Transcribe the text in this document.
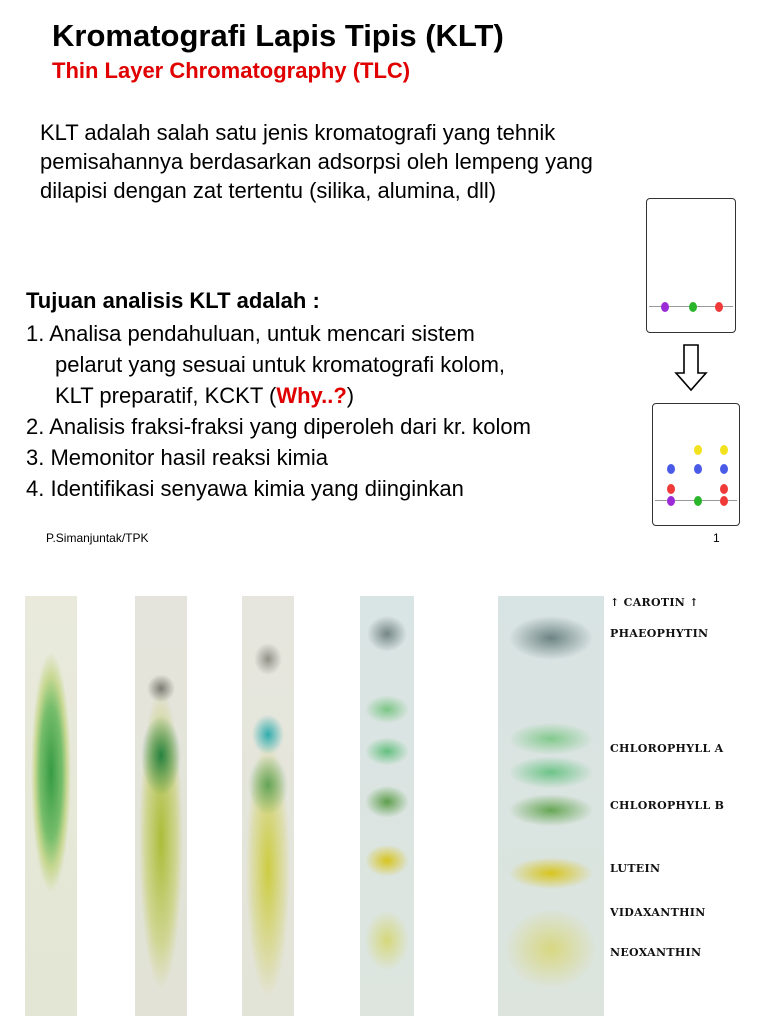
Kromatografi Lapis Tipis (KLT)
Thin Layer Chromatography (TLC)
KLT adalah salah satu jenis kromatografi yang tehnik
pemisahannya berdasarkan adsorpsi oleh lempeng yang
dilapisi dengan zat tertentu (silika, alumina, dll)
Tujuan analisis KLT adalah :
1. Analisa pendahuluan, untuk mencari sistem
pelarut yang sesuai untuk kromatografi kolom,
KLT preparatif, KCKT (Why..?)
2. Analisis fraksi-fraksi yang diperoleh dari kr. kolom
3. Memonitor hasil reaksi kimia
4. Identifikasi senyawa kimia yang diinginkan
P.Simanjuntak/TPK	1
↑ CAROTIN ↑
PHAEOPHYTIN
CHLOROPHYLL A
CHLOROPHYLL B
LUTEIN
VIDAXANTHIN
NEOXANTHIN
